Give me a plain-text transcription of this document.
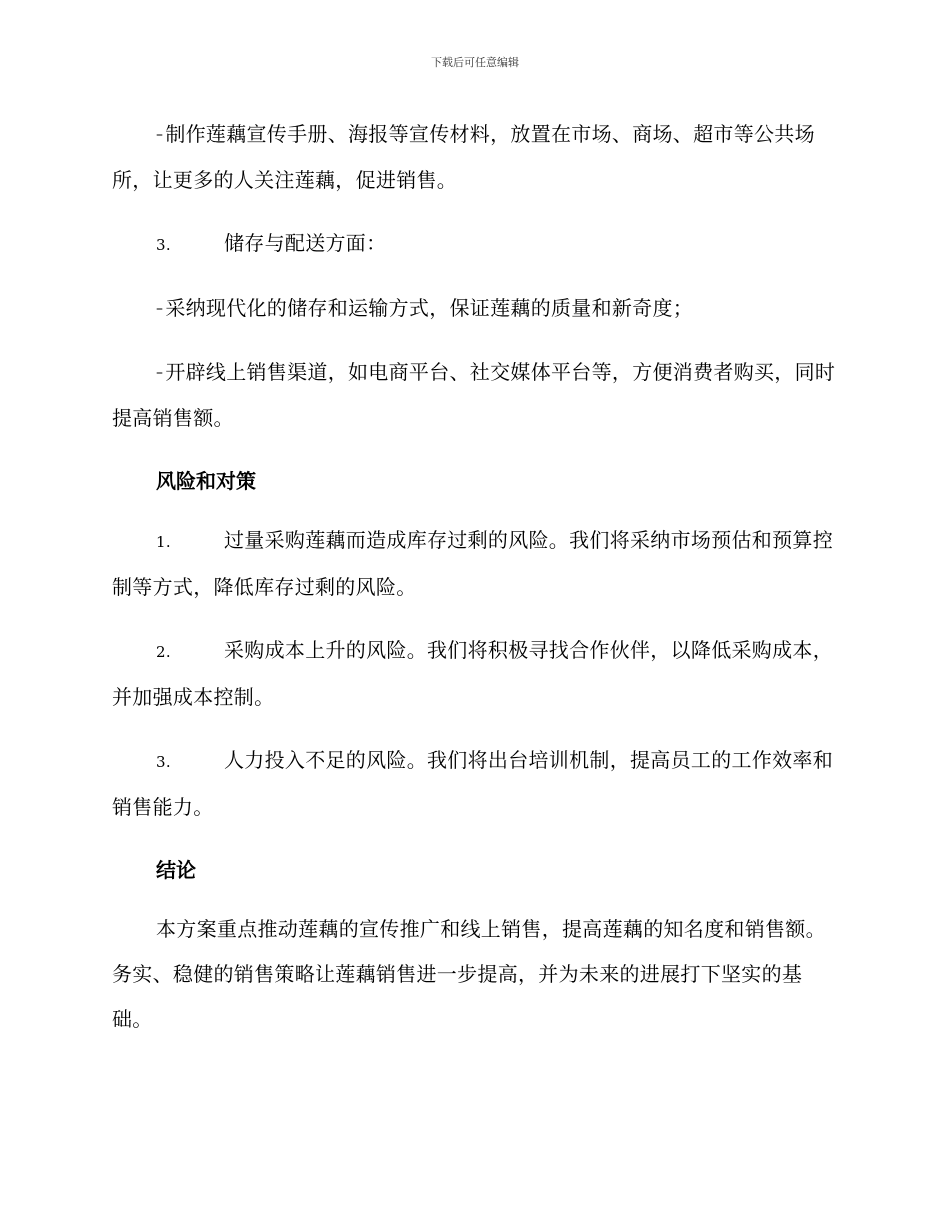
下载后可任意编辑

– 制作莲藕宣传手册、海报等宣传材料，放置在市场、商场、超市等公共场所，让更多的人关注莲藕，促进销售。

3.	储存与配送方面：

– 采纳现代化的储存和运输方式，保证莲藕的质量和新奇度；

– 开辟线上销售渠道，如电商平台、社交媒体平台等，方便消费者购买，同时提高销售额。

风险和对策

1.	过量采购莲藕而造成库存过剩的风险。我们将采纳市场预估和预算控制等方式，降低库存过剩的风险。

2.	采购成本上升的风险。我们将积极寻找合作伙伴，以降低采购成本，并加强成本控制。

3.	人力投入不足的风险。我们将出台培训机制，提高员工的工作效率和销售能力。

结论

本方案重点推动莲藕的宣传推广和线上销售，提高莲藕的知名度和销售额。务实、稳健的销售策略让莲藕销售进一步提高，并为未来的进展打下坚实的基础。
